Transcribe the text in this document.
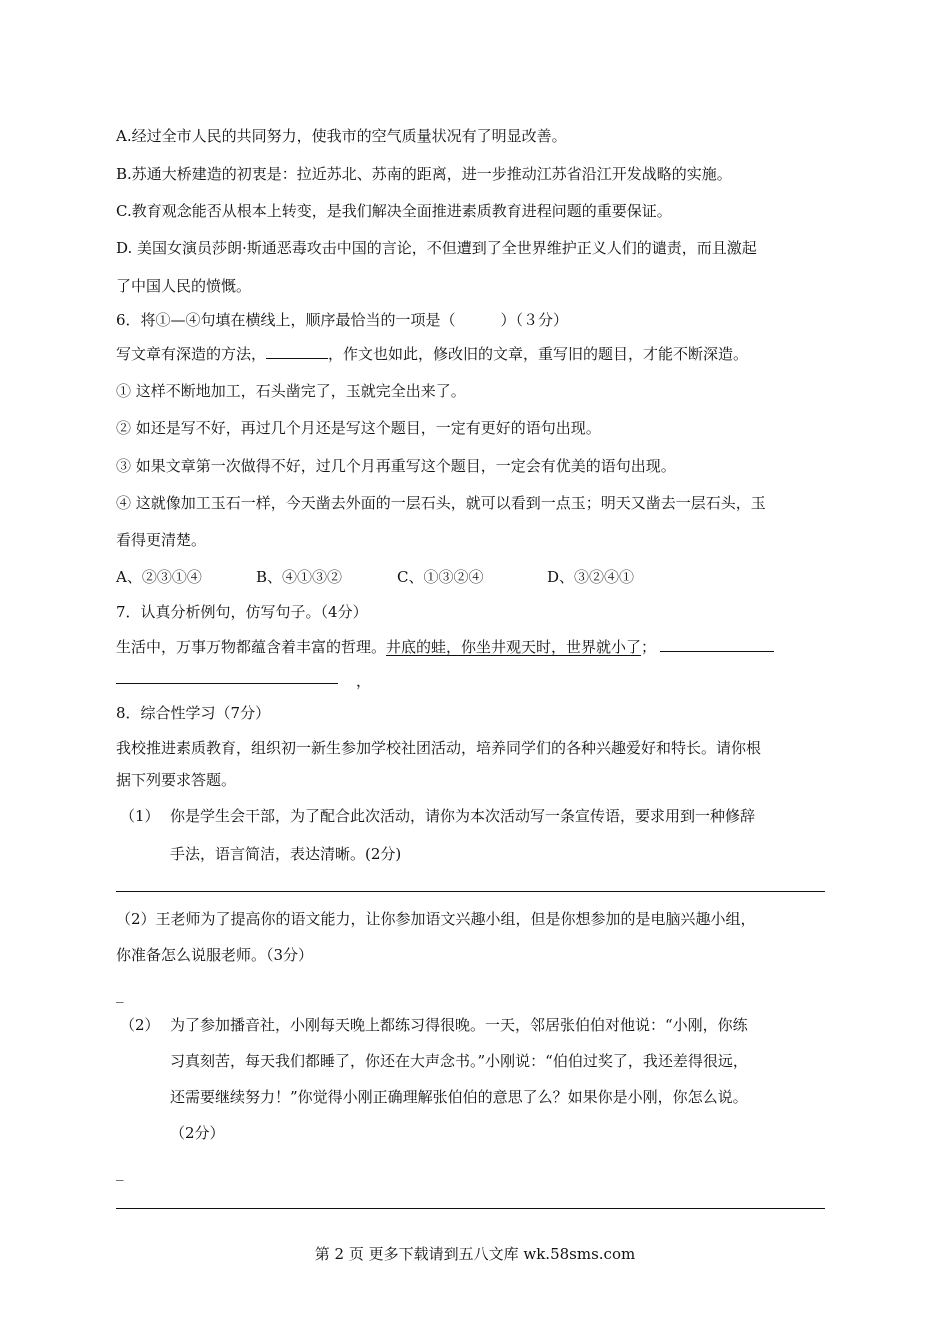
A.经过全市人民的共同努力，使我市的空气质量状况有了明显改善。
B.苏通大桥建造的初衷是：拉近苏北、苏南的距离，进一步推动江苏省沿江开发战略的实施。
C.教育观念能否从根本上转变，是我们解决全面推进素质教育进程问题的重要保证。
D. 美国女演员莎朗·斯通恶毒攻击中国的言论，不但遭到了全世界维护正义人们的谴责，而且激起
了中国人民的愤慨。
6．将①—④句填在横线上，顺序最恰当的一项是（　　　）（３分）
写文章有深造的方法，	，作文也如此，修改旧的文章，重写旧的题目，才能不断深造。
① 这样不断地加工，石头凿完了，玉就完全出来了。
② 如还是写不好，再过几个月还是写这个题目，一定有更好的语句出现。
③ 如果文章第一次做得不好，过几个月再重写这个题目，一定会有优美的语句出现。
④ 这就像加工玉石一样，今天凿去外面的一层石头，就可以看到一点玉；明天又凿去一层石头，玉
看得更清楚。
A、②③①④	B、④①③②	C、①③②④	D、③②④①
7．认真分析例句，仿写句子。（4分）
生活中，万事万物都蕴含着丰富的哲理。井底的蛙，你坐井观天时，世界就小了；
，
8．综合性学习（7分）
我校推进素质教育，组织初一新生参加学校社团活动，培养同学们的各种兴趣爱好和特长。请你根
据下列要求答题。
（1） 你是学生会干部，为了配合此次活动，请你为本次活动写一条宣传语，要求用到一种修辞
手法，语言简洁，表达清晰。(2分)
（2）王老师为了提高你的语文能力，让你参加语文兴趣小组，但是你想参加的是电脑兴趣小组，
你准备怎么说服老师。（3分）
_
（2） 为了参加播音社，小刚每天晚上都练习得很晚。一天，邻居张伯伯对他说：“小刚，你练
习真刻苦，每天我们都睡了，你还在大声念书。”小刚说：“伯伯过奖了，我还差得很远，
还需要继续努力！”你觉得小刚正确理解张伯伯的意思了么？如果你是小刚，你怎么说。
（2分）
_
第 2 页 更多下载请到五八文库 wk.58sms.com
